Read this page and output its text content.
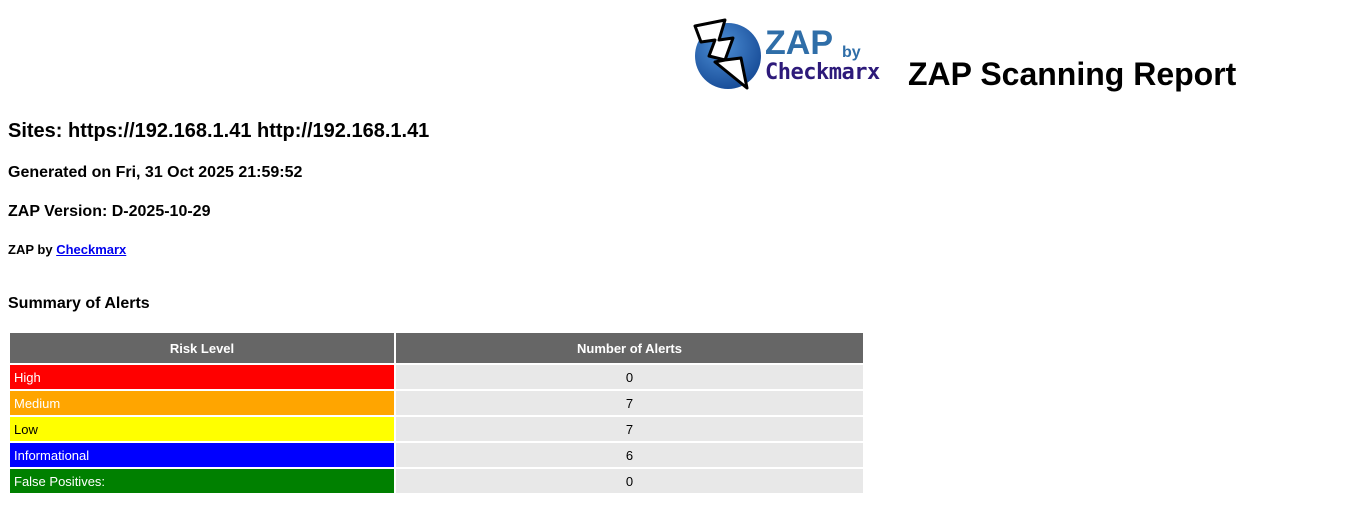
ZAP by
Checkmarx ZAP Scanning Report
Sites: https://192.168.1.41 http://192.168.1.41
Generated on Fri, 31 Oct 2025 21:59:52
ZAP Version: D-2025-10-29
ZAP by Checkmarx
Summary of Alerts
Risk Level	Number of Alerts
High	0
Medium	7
Low	7
Informational	6
False Positives:	0
